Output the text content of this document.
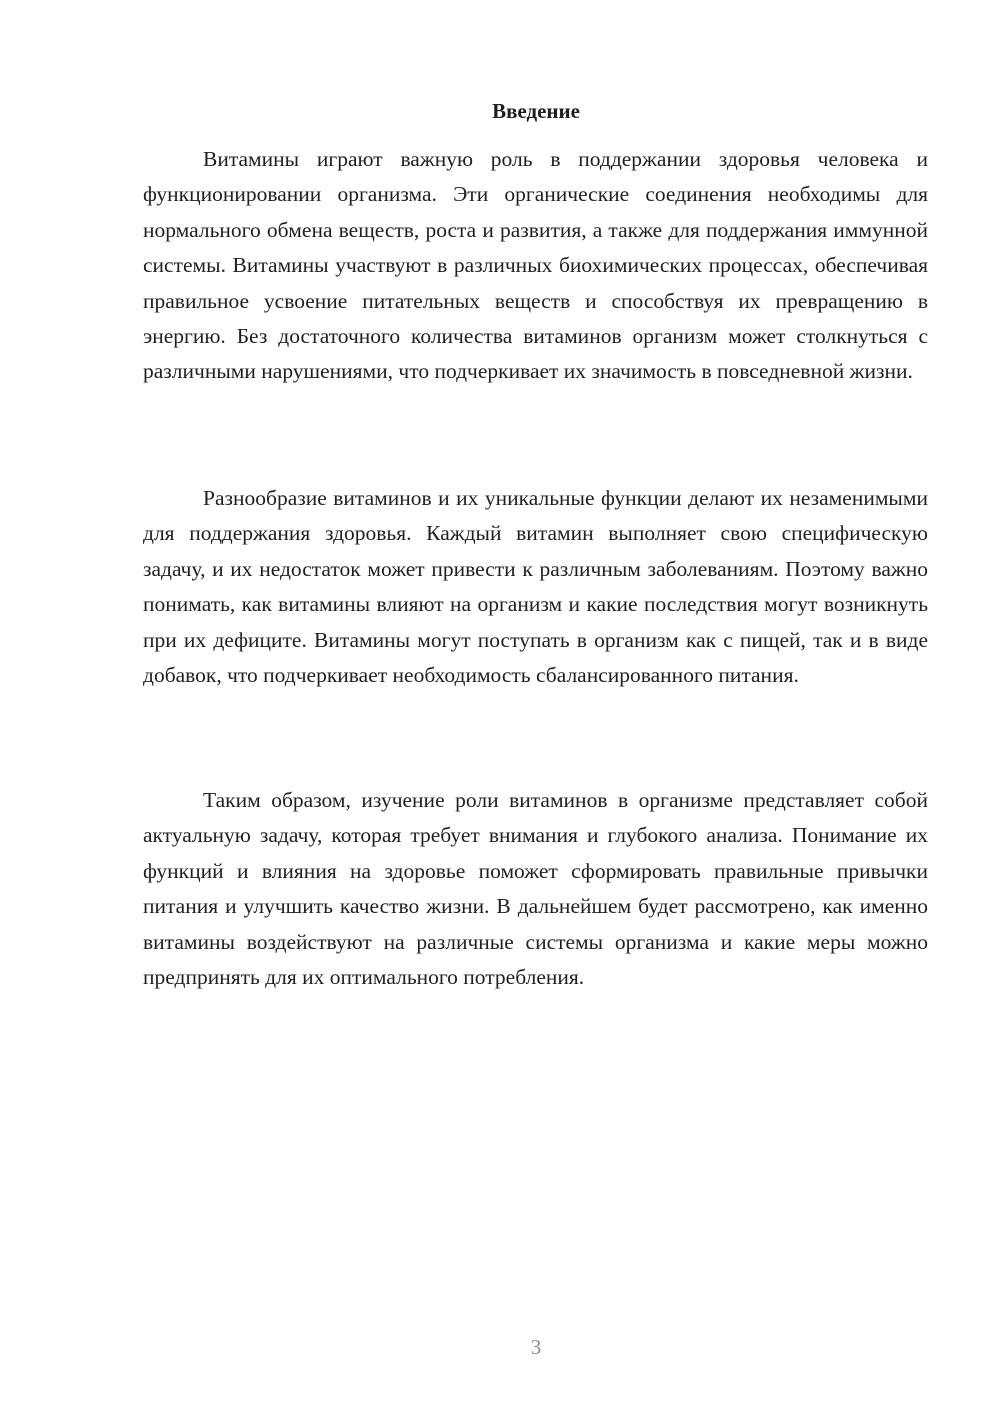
Введение

Витамины играют важную роль в поддержании здоровья человека и функционировании организма. Эти органические соединения необходимы для нормального обмена веществ, роста и развития, а также для поддержания иммунной системы. Витамины участвуют в различных биохимических процессах, обеспечивая правильное усвоение питательных веществ и способствуя их превращению в энергию. Без достаточного количества витаминов организм может столкнуться с различными нарушениями, что подчеркивает их значимость в повседневной жизни.

Разнообразие витаминов и их уникальные функции делают их незаменимыми для поддержания здоровья. Каждый витамин выполняет свою специфическую задачу, и их недостаток может привести к различным заболеваниям. Поэтому важно понимать, как витамины влияют на организм и какие последствия могут возникнуть при их дефиците. Витамины могут поступать в организм как с пищей, так и в виде добавок, что подчеркивает необходимость сбалансированного питания.

Таким образом, изучение роли витаминов в организме представляет собой актуальную задачу, которая требует внимания и глубокого анализа. Понимание их функций и влияния на здоровье поможет сформировать правильные привычки питания и улучшить качество жизни. В дальнейшем будет рассмотрено, как именно витамины воздействуют на различные системы организма и какие меры можно предпринять для их оптимального потребления.

3
